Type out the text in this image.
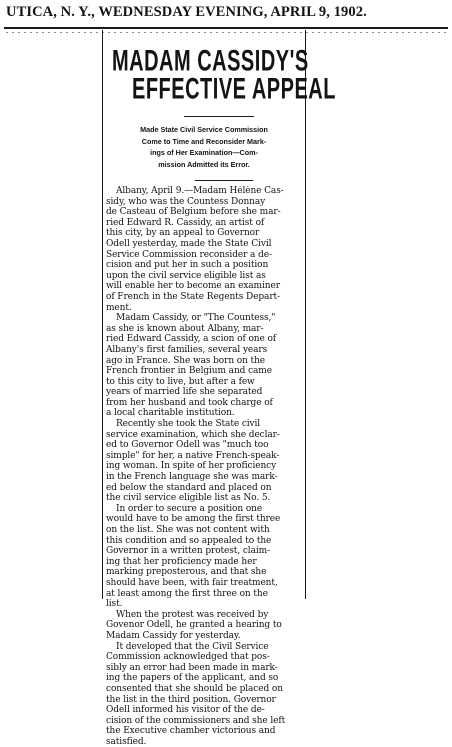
UTICA, N. Y., WEDNESDAY EVENING, APRIL 9, 1902.
MADAM CASSIDY'S
EFFECTIVE APPEAL
Made State Civil Service Commission
Come to Time and Reconsider Mark-
ings of Her Examination—Com-
mission Admitted its Error.
Albany, April 9.—Madam Hélène Cas-
sidy, who was the Countess Donnay
de Casteau of Belgium before she mar-
ried Edward R. Cassidy, an artist of
this city, by an appeal to Governor
Odell yesterday, made the State Civil
Service Commission reconsider a de-
cision and put her in such a position
upon the civil service eligible list as
will enable her to become an examiner
of French in the State Regents Depart-
ment.
Madam Cassidy, or "The Countess,"
as she is known about Albany, mar-
ried Edward Cassidy, a scion of one of
Albany's first families, several years
ago in France. She was born on the
French frontier in Belgium and came
to this city to live, but after a few
years of married life she separated
from her husband and took charge of
a local charitable institution.
Recently she took the State civil
service examination, which she declar-
ed to Governor Odell was "much too
simple" for her, a native French-speak-
ing woman. In spite of her proficiency
in the French language she was mark-
ed below the standard and placed on
the civil service eligible list as No. 5.
In order to secure a position one
would have to be among the first three
on the list. She was not content with
this condition and so appealed to the
Governor in a written protest, claim-
ing that her proficiency made her
marking preposterous, and that she
should have been, with fair treatment,
at least among the first three on the
list.
When the protest was received by
Govenor Odell, he granted a hearing to
Madam Cassidy for yesterday.
It developed that the Civil Service
Commission acknowledged that pos-
sibly an error had been made in mark-
ing the papers of the applicant, and so
consented that she should be placed on
the list in the third position. Governor
Odell informed his visitor of the de-
cision of the commissioners and she left
the Executive chamber victorious and
satisfied.
